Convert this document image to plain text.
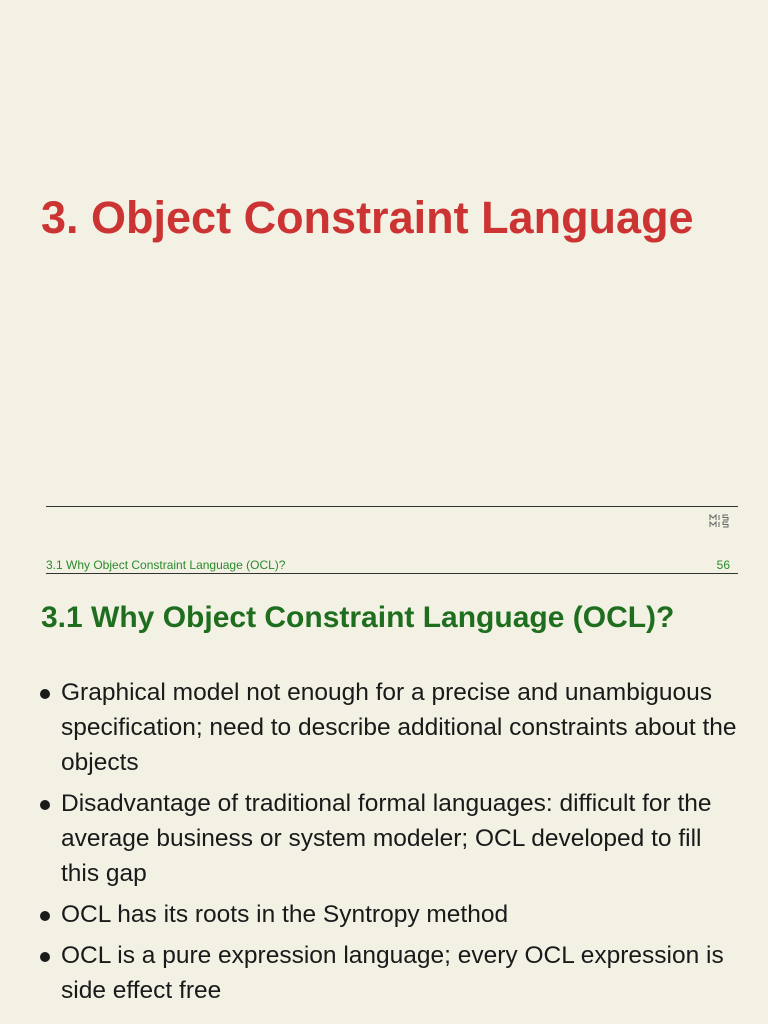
3. Object Constraint Language
3.1 Why Object Constraint Language (OCL)?	56
3.1 Why Object Constraint Language (OCL)?
Graphical model not enough for a precise and unambiguous specification; need to describe additional constraints about the objects
Disadvantage of traditional formal languages: difficult for the average business or system modeler; OCL developed to fill this gap
OCL has its roots in the Syntropy method
OCL is a pure expression language; every OCL expression is side effect free
